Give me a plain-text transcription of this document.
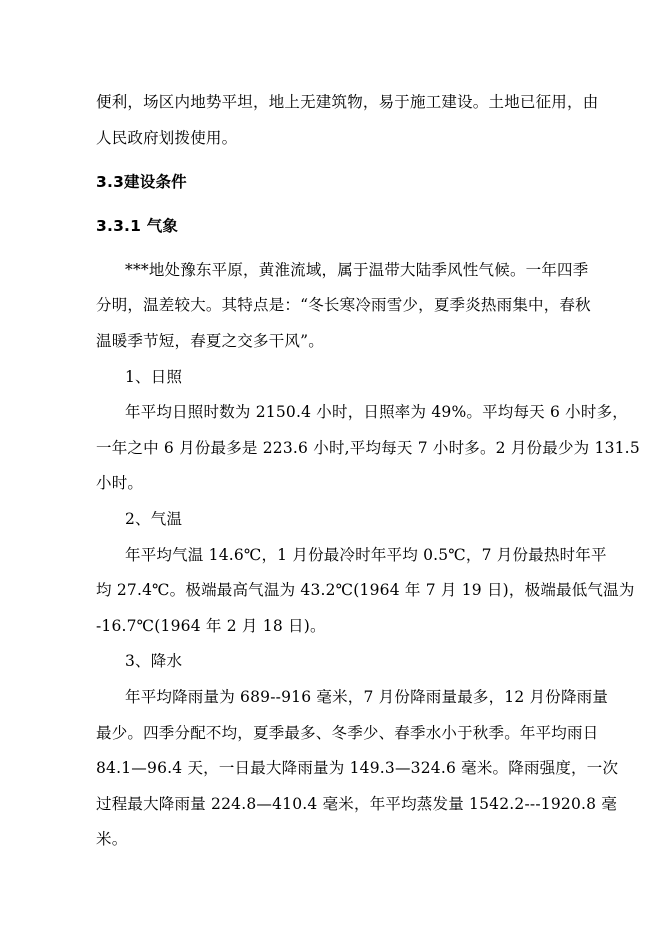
便利，场区内地势平坦，地上无建筑物，易于施工建设。土地已征用，由
人民政府划拨使用。
3.3建设条件
3.3.1 气象
***地处豫东平原，黄淮流域，属于温带大陆季风性气候。一年四季
分明，温差较大。其特点是：“冬长寒冷雨雪少，夏季炎热雨集中，春秋
温暖季节短，春夏之交多干风”。
1、日照
年平均日照时数为 2150.4 小时，日照率为 49%。平均每天 6 小时多，
一年之中 6 月份最多是 223.6 小时,平均每天 7 小时多。2 月份最少为 131.5
小时。
2、气温
年平均气温 14.6℃，1 月份最冷时年平均 0.5℃，7 月份最热时年平
均 27.4℃。极端最高气温为 43.2℃(1964 年 7 月 19 日)，极端最低气温为
-16.7℃(1964 年 2 月 18 日)。
3、降水
年平均降雨量为 689--916 毫米，7 月份降雨量最多，12 月份降雨量
最少。四季分配不均，夏季最多、冬季少、春季水小于秋季。年平均雨日
84.1—96.4 天，一日最大降雨量为 149.3—324.6 毫米。降雨强度，一次
过程最大降雨量 224.8—410.4 毫米，年平均蒸发量 1542.2---1920.8 毫
米。
